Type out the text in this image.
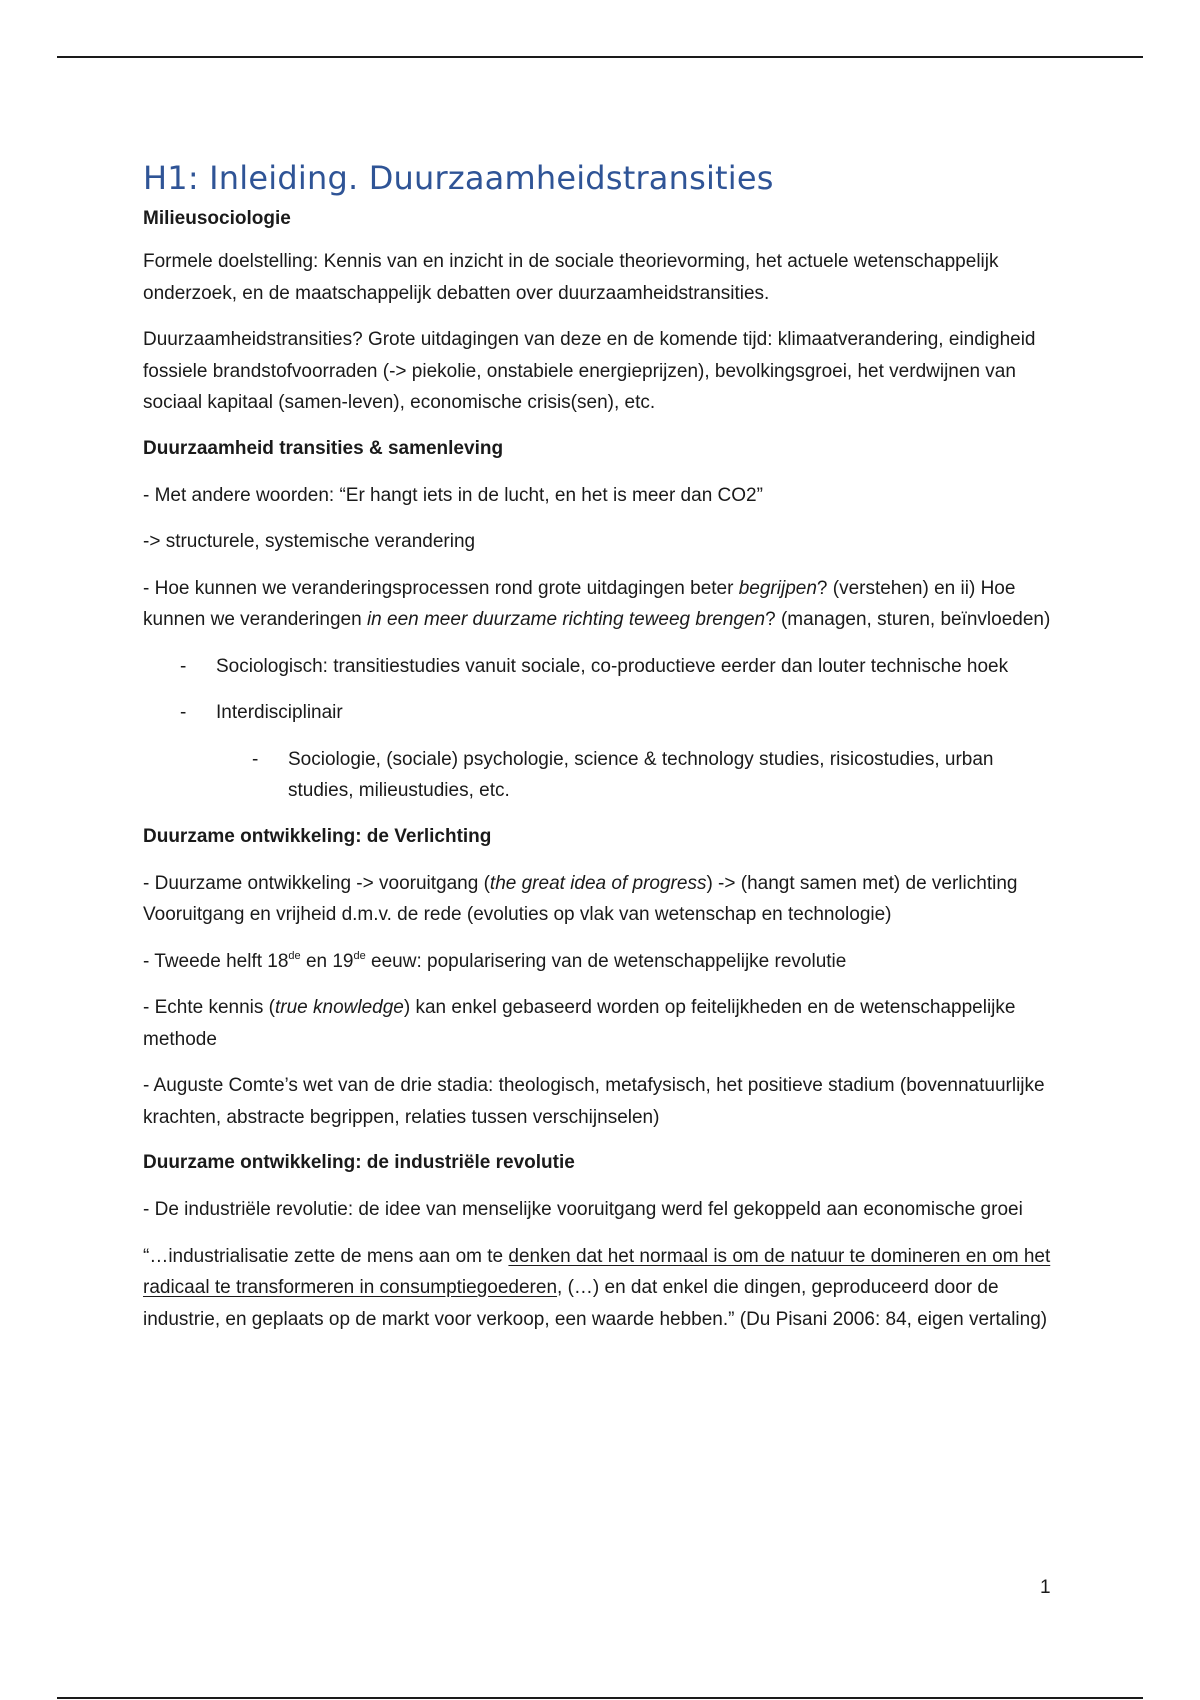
H1: Inleiding. Duurzaamheidstransities
Milieusociologie

Formele doelstelling: Kennis van en inzicht in de sociale theorievorming, het actuele wetenschappelijk onderzoek, en de maatschappelijk debatten over duurzaamheidstransities.

Duurzaamheidstransities? Grote uitdagingen van deze en de komende tijd: klimaatverandering, eindigheid fossiele brandstofvoorraden (-> piekolie, onstabiele energieprijzen), bevolkingsgroei, het verdwijnen van sociaal kapitaal (samen-leven), economische crisis(sen), etc.

Duurzaamheid transities & samenleving

- Met andere woorden: “Er hangt iets in de lucht, en het is meer dan CO2”

-> structurele, systemische verandering

- Hoe kunnen we veranderingsprocessen rond grote uitdagingen beter begrijpen? (verstehen) en ii) Hoe kunnen we veranderingen in een meer duurzame richting teweeg brengen? (managen, sturen, beïnvloeden)

- Sociologisch: transitiestudies vanuit sociale, co-productieve eerder dan louter technische hoek

- Interdisciplinair

- Sociologie, (sociale) psychologie, science & technology studies, risicostudies, urban studies, milieustudies, etc.

Duurzame ontwikkeling: de Verlichting

- Duurzame ontwikkeling -> vooruitgang (the great idea of progress) -> (hangt samen met) de verlichting
Vooruitgang en vrijheid d.m.v. de rede (evoluties op vlak van wetenschap en technologie)

- Tweede helft 18de en 19de eeuw: popularisering van de wetenschappelijke revolutie

- Echte kennis (true knowledge) kan enkel gebaseerd worden op feitelijkheden en de wetenschappelijke methode

- Auguste Comte’s wet van de drie stadia: theologisch, metafysisch, het positieve stadium (bovennatuurlijke krachten, abstracte begrippen, relaties tussen verschijnselen)

Duurzame ontwikkeling: de industriële revolutie

- De industriële revolutie: de idee van menselijke vooruitgang werd fel gekoppeld aan economische groei

“…industrialisatie zette de mens aan om te denken dat het normaal is om de natuur te domineren en om het radicaal te transformeren in consumptiegoederen, (…) en dat enkel die dingen, geproduceerd door de industrie, en geplaats op de markt voor verkoop, een waarde hebben.” (Du Pisani 2006: 84, eigen vertaling)

1
